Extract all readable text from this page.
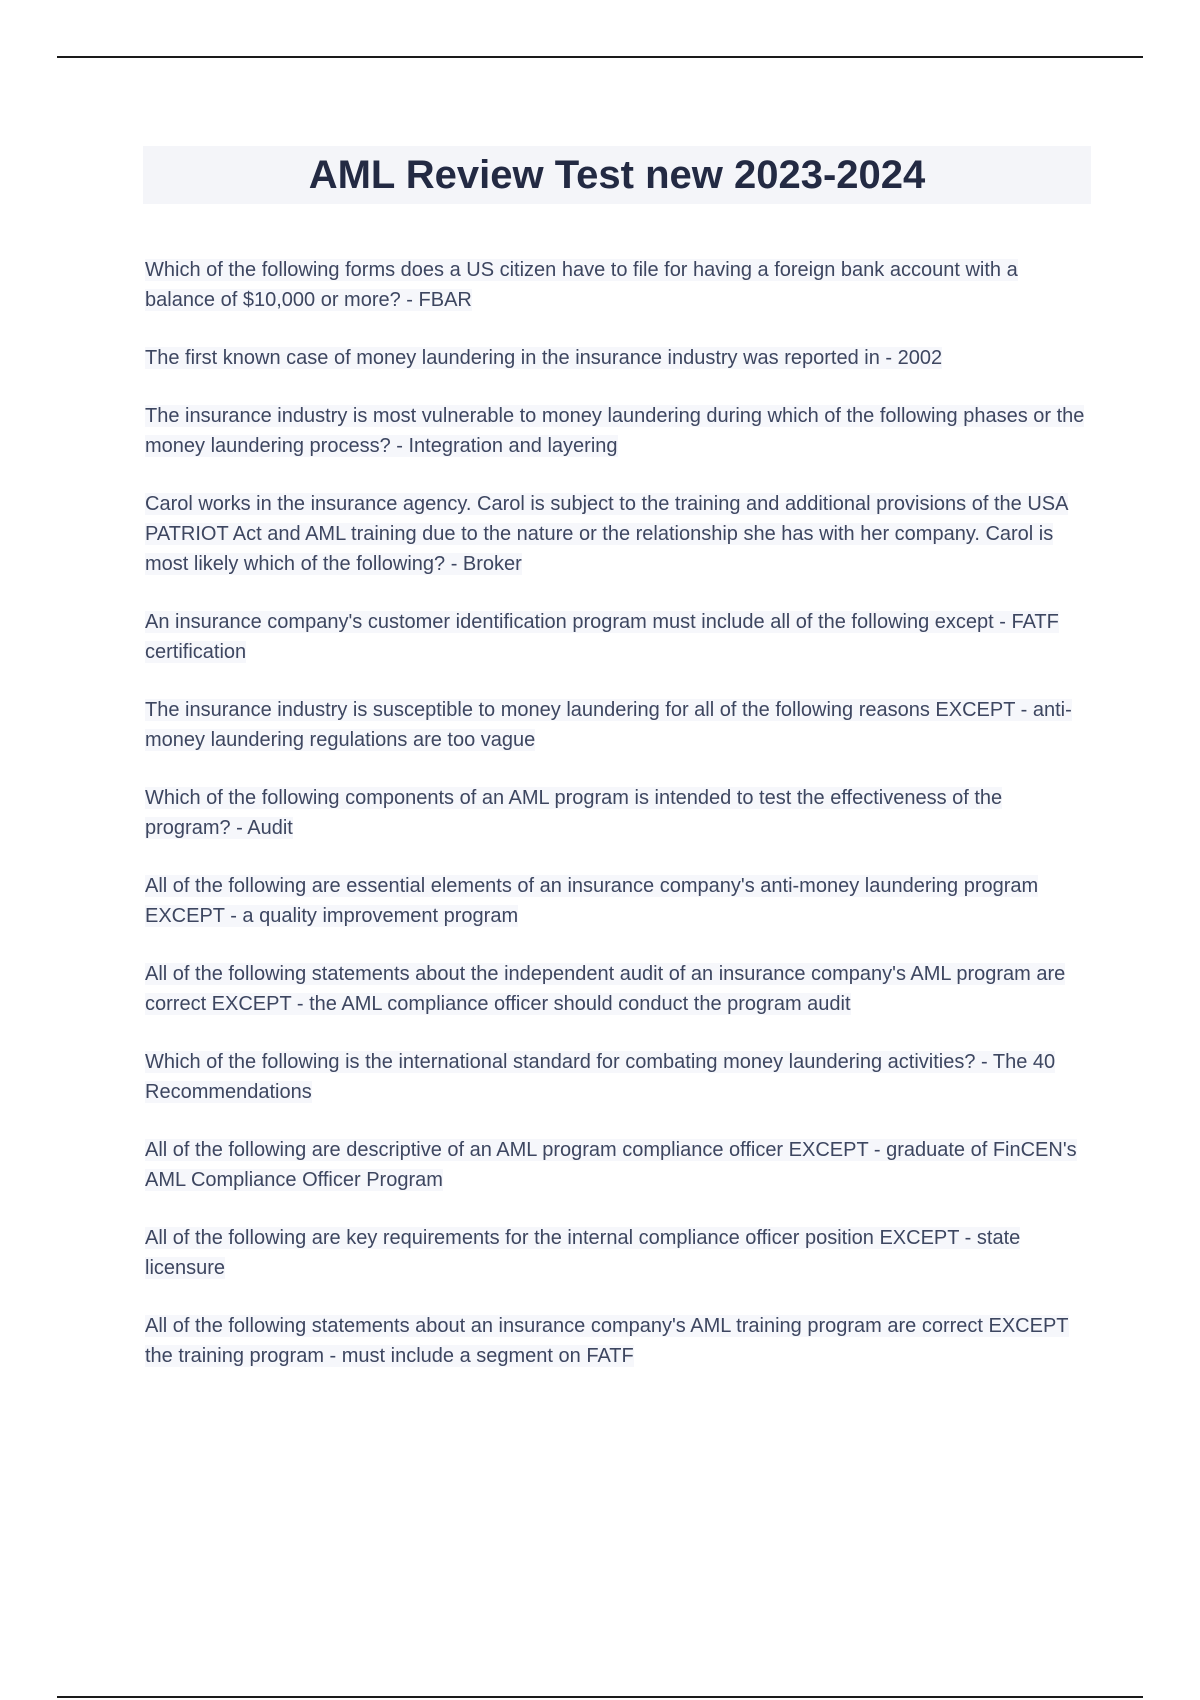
AML Review Test new 2023-2024

Which of the following forms does a US citizen have to file for having a foreign bank account with a balance of $10,000 or more? - FBAR

The first known case of money laundering in the insurance industry was reported in - 2002

The insurance industry is most vulnerable to money laundering during which of the following phases or the money laundering process? - Integration and layering

Carol works in the insurance agency. Carol is subject to the training and additional provisions of the USA PATRIOT Act and AML training due to the nature or the relationship she has with her company. Carol is most likely which of the following? - Broker

An insurance company's customer identification program must include all of the following except - FATF certification

The insurance industry is susceptible to money laundering for all of the following reasons EXCEPT - anti-money laundering regulations are too vague

Which of the following components of an AML program is intended to test the effectiveness of the program? - Audit

All of the following are essential elements of an insurance company's anti-money laundering program EXCEPT - a quality improvement program

All of the following statements about the independent audit of an insurance company's AML program are correct EXCEPT - the AML compliance officer should conduct the program audit

Which of the following is the international standard for combating money laundering activities? - The 40 Recommendations

All of the following are descriptive of an AML program compliance officer EXCEPT - graduate of FinCEN's AML Compliance Officer Program

All of the following are key requirements for the internal compliance officer position EXCEPT - state licensure

All of the following statements about an insurance company's AML training program are correct EXCEPT the training program - must include a segment on FATF
